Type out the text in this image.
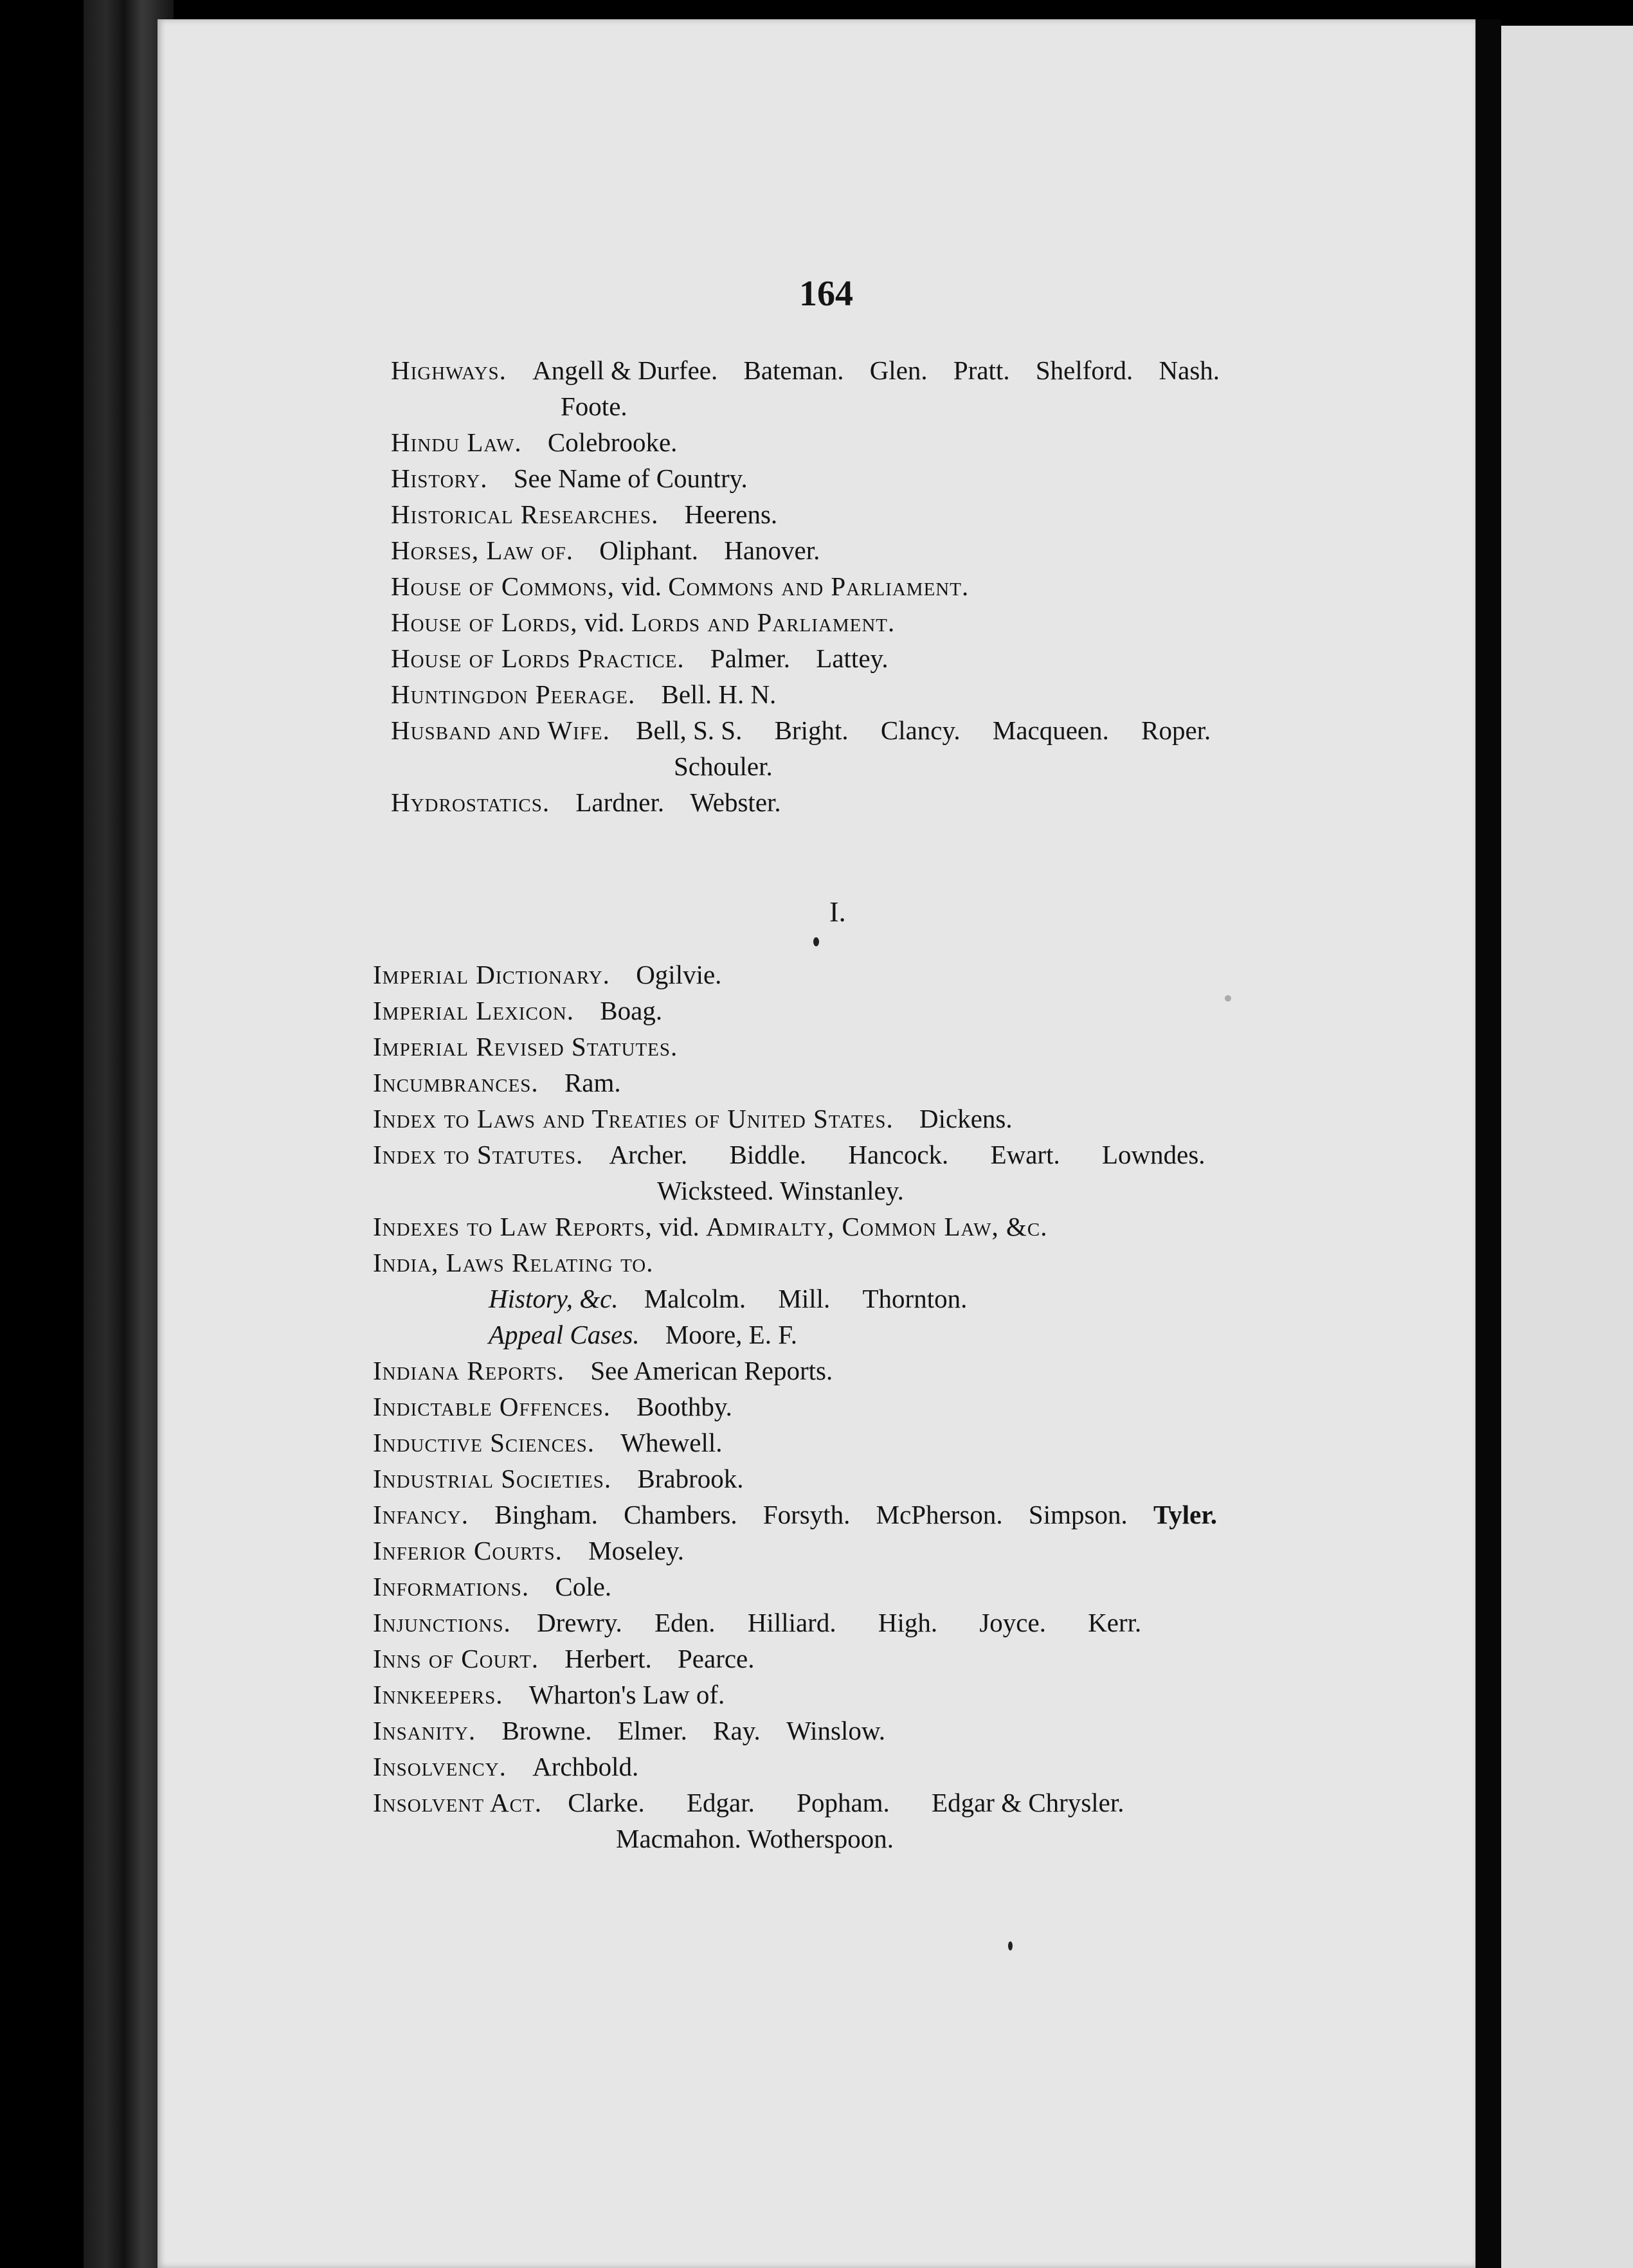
164
Highways. Angell & Durfee. Bateman. Glen. Pratt. Shelford. Nash.
Foote.
Hindu Law. Colebrooke.
History. See Name of Country.
Historical Researches. Heerens.
Horses, Law of. Oliphant. Hanover.
House of Commons, vid. Commons and Parliament.
House of Lords, vid. Lords and Parliament.
House of Lords Practice. Palmer. Lattey.
Huntingdon Peerage. Bell. H. N.
Husband and Wife. Bell, S. S. Bright. Clancy. Macqueen. Roper.
Schouler.
Hydrostatics. Lardner. Webster.
I.
Imperial Dictionary. Ogilvie.
Imperial Lexicon. Boag.
Imperial Revised Statutes.
Incumbrances. Ram.
Index to Laws and Treaties of United States. Dickens.
Index to Statutes. Archer. Biddle. Hancock. Ewart. Lowndes.
Wicksteed. Winstanley.
Indexes to Law Reports, vid. Admiralty, Common Law, &c.
India, Laws Relating to.
History, &c. Malcolm. Mill. Thornton.
Appeal Cases. Moore, E. F.
Indiana Reports. See American Reports.
Indictable Offences. Boothby.
Inductive Sciences. Whewell.
Industrial Societies. Brabrook.
Infancy. Bingham. Chambers. Forsyth. McPherson. Simpson. Tyler.
Inferior Courts. Moseley.
Informations. Cole.
Injunctions. Drewry. Eden. Hilliard. High. Joyce. Kerr.
Inns of Court. Herbert. Pearce.
Innkeepers. Wharton's Law of.
Insanity. Browne. Elmer. Ray. Winslow.
Insolvency. Archbold.
Insolvent Act. Clarke. Edgar. Popham. Edgar & Chrysler.
Macmahon. Wotherspoon.
